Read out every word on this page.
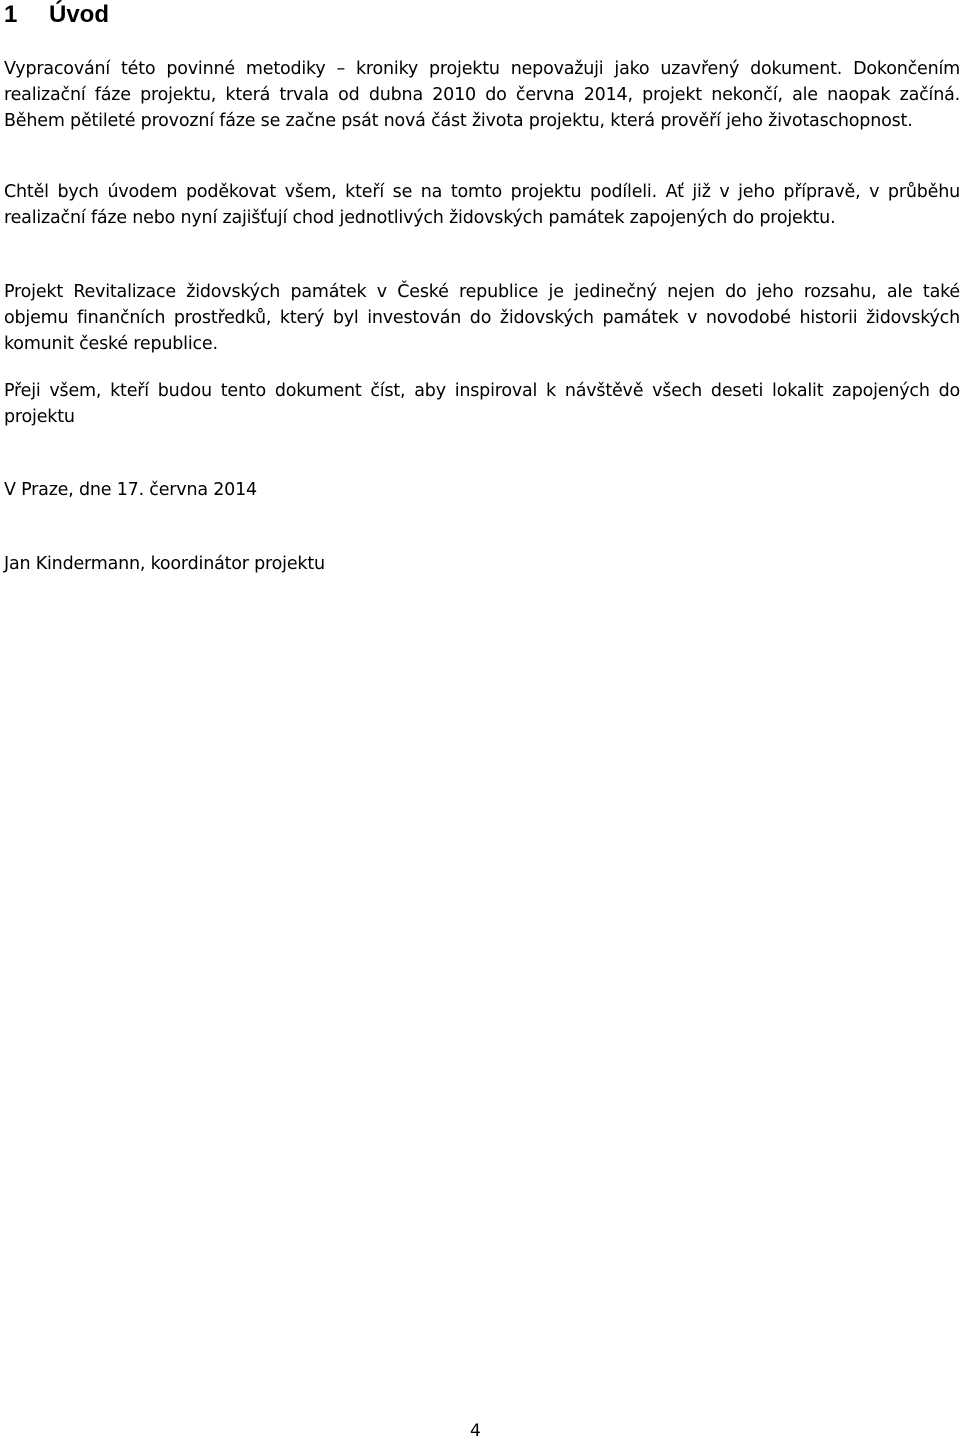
1 Úvod

Vypracování této povinné metodiky – kroniky projektu nepovažuji jako uzavřený dokument. Dokončením realizační fáze projektu, která trvala od dubna 2010 do června 2014, projekt nekončí, ale naopak začíná. Během pětileté provozní fáze se začne psát nová část života projektu, která prověří jeho životaschopnost.

Chtěl bych úvodem poděkovat všem, kteří se na tomto projektu podíleli. Ať již v jeho přípravě, v průběhu realizační fáze nebo nyní zajišťují chod jednotlivých židovských památek zapojených do projektu.

Projekt Revitalizace židovských památek v České republice je jedinečný nejen do jeho rozsahu, ale také objemu finančních prostředků, který byl investován do židovských památek v novodobé historii židovských komunit české republice.

Přeji všem, kteří budou tento dokument číst, aby inspiroval k návštěvě všech deseti lokalit zapojených do projektu

V Praze, dne 17. června 2014

Jan Kindermann, koordinátor projektu

4
